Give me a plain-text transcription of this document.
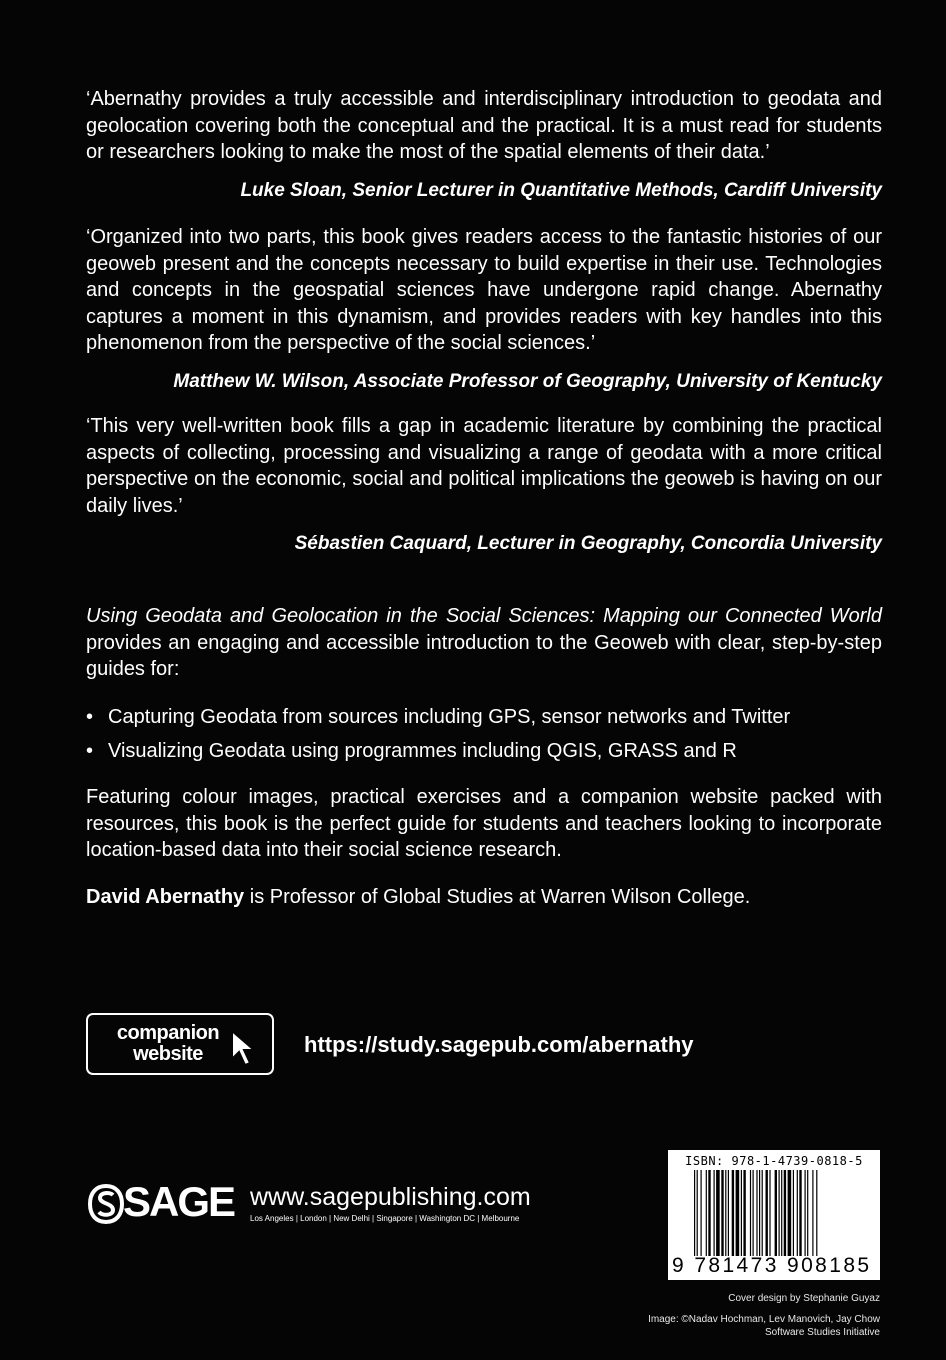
‘Abernathy provides a truly accessible and interdisciplinary introduction to geodata and geolocation covering both the conceptual and the practical. It is a must read for students or researchers looking to make the most of the spatial elements of their data.’

Luke Sloan, Senior Lecturer in Quantitative Methods, Cardiff University

‘Organized into two parts, this book gives readers access to the fantastic histories of our geoweb present and the concepts necessary to build expertise in their use. Technologies and concepts in the geospatial sciences have undergone rapid change. Abernathy captures a moment in this dynamism, and provides readers with key handles into this phenomenon from the perspective of the social sciences.’

Matthew W. Wilson, Associate Professor of Geography, University of Kentucky

‘This very well-written book fills a gap in academic literature by combining the practical aspects of collecting, processing and visualizing a range of geodata with a more critical perspective on the economic, social and political implications the geoweb is having on our daily lives.’

Sébastien Caquard, Lecturer in Geography, Concordia University

Using Geodata and Geolocation in the Social Sciences: Mapping our Connected World provides an engaging and accessible introduction to the Geoweb with clear, step-by-step guides for:

• Capturing Geodata from sources including GPS, sensor networks and Twitter
• Visualizing Geodata using programmes including QGIS, GRASS and R

Featuring colour images, practical exercises and a companion website packed with resources, this book is the perfect guide for students and teachers looking to incorporate location-based data into their social science research.

David Abernathy is Professor of Global Studies at Warren Wilson College.

companion
website	https://study.sagepub.com/abernathy
SAGE www.sagepublishing.com
Los Angeles | London | New Delhi | Singapore | Washington DC | Melbourne
ISBN: 978-1-4739-0818-5
9 781473 908185
Cover design by Stephanie Guyaz
Image: ©Nadav Hochman, Lev Manovich, Jay Chow
Software Studies Initiative
